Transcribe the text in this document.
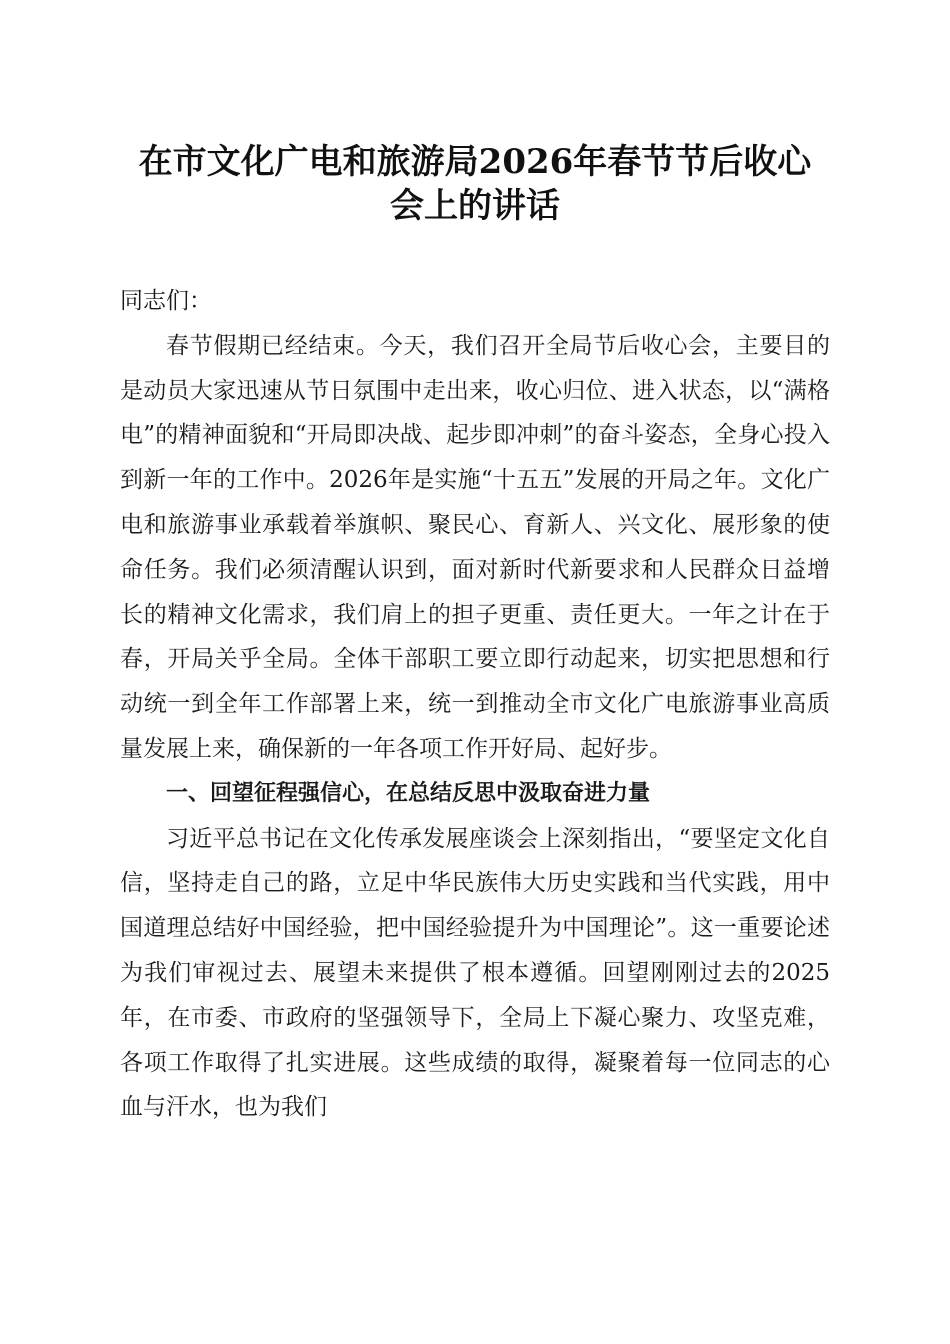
在市文化广电和旅游局2026年春节节后收心
会上的讲话

同志们：

春节假期已经结束。今天，我们召开全局节后收心会，主要目的是动员大家迅速从节日氛围中走出来，收心归位、进入状态，以“满格电”的精神面貌和“开局即决战、起步即冲刺”的奋斗姿态，全身心投入到新一年的工作中。2026年是实施“十五五”发展的开局之年。文化广电和旅游事业承载着举旗帜、聚民心、育新人、兴文化、展形象的使命任务。我们必须清醒认识到，面对新时代新要求和人民群众日益增长的精神文化需求，我们肩上的担子更重、责任更大。一年之计在于春，开局关乎全局。全体干部职工要立即行动起来，切实把思想和行动统一到全年工作部署上来，统一到推动全市文化广电旅游事业高质量发展上来，确保新的一年各项工作开好局、起好步。

一、回望征程强信心，在总结反思中汲取奋进力量

习近平总书记在文化传承发展座谈会上深刻指出，“要坚定文化自信，坚持走自己的路，立足中华民族伟大历史实践和当代实践，用中国道理总结好中国经验，把中国经验提升为中国理论”。这一重要论述为我们审视过去、展望未来提供了根本遵循。回望刚刚过去的2025年，在市委、市政府的坚强领导下，全局上下凝心聚力、攻坚克难，各项工作取得了扎实进展。这些成绩的取得，凝聚着每一位同志的心血与汗水，也为我们
